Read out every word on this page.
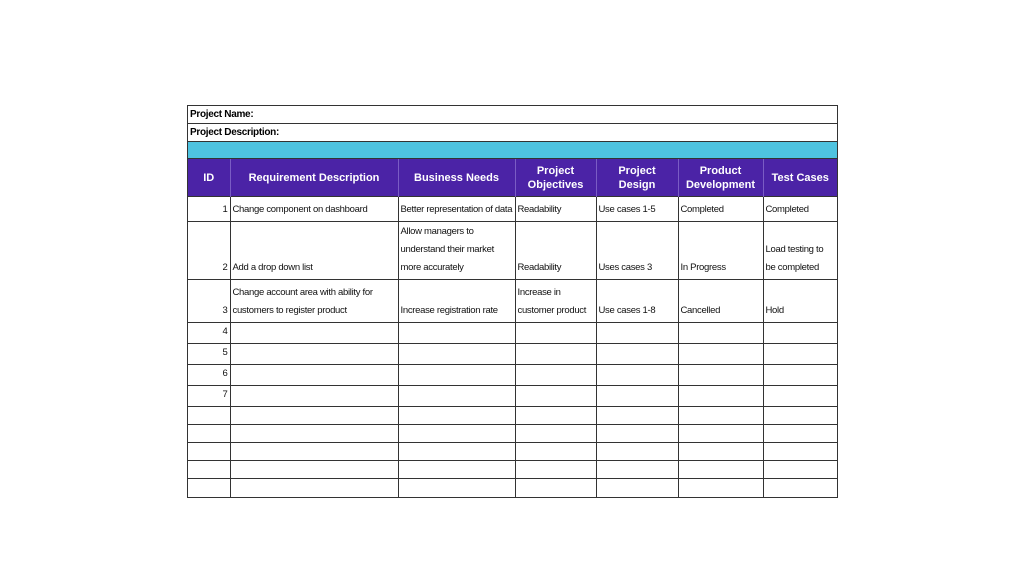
Project Name:
Project Description:
ID	Requirement Description	Business Needs	Project Objectives	Project Design	Product Development	Test Cases
1	Change component on dashboard	Better representation of data	Readability	Use cases 1-5	Completed	Completed
2	Add a drop down list	Allow managers to understand their market more accurately	Readability	Uses cases 3	In Progress	Load testing to be completed
3	Change account area with ability for customers to register product	Increase registration rate	Increase in customer product	Use cases 1-8	Cancelled	Hold
4						
5						
6						
7						
